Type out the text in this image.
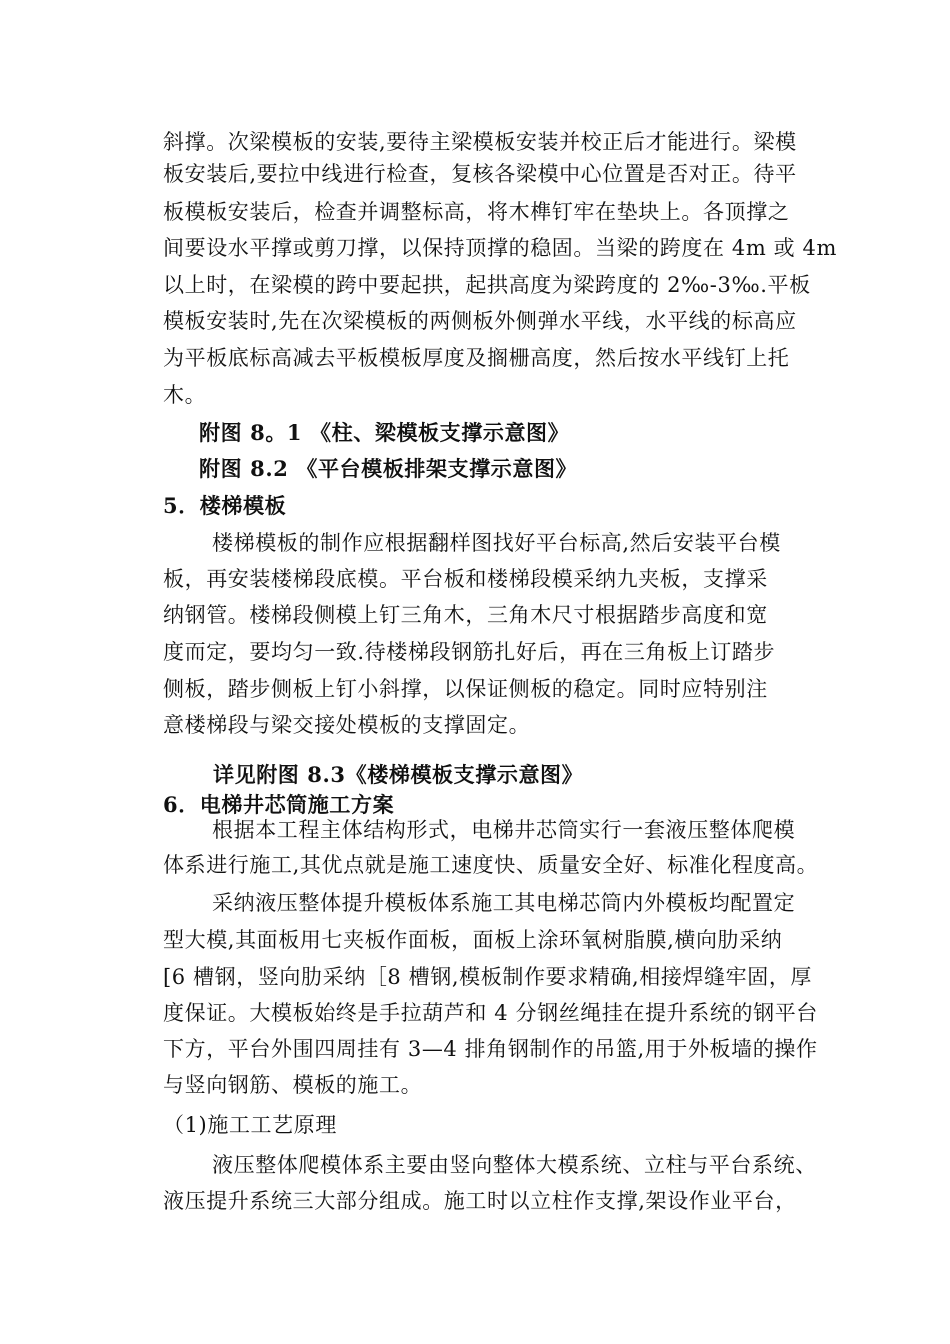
斜撑。次梁模板的安装,要待主梁模板安装并校正后才能进行。梁模
板安装后,要拉中线进行检查，复核各梁模中心位置是否对正。待平
板模板安装后，检查并调整标高，将木榫钉牢在垫块上。各顶撑之
间要设水平撑或剪刀撑，以保持顶撑的稳固。当梁的跨度在 4m 或 4m
以上时，在梁模的跨中要起拱，起拱高度为梁跨度的 2‰-3‰.平板
模板安装时,先在次梁模板的两侧板外侧弹水平线，水平线的标高应
为平板底标高减去平板模板厚度及搁栅高度，然后按水平线钉上托
木。
附图 8。1 《柱、梁模板支撑示意图》
附图 8.2 《平台模板排架支撑示意图》
5．楼梯模板
楼梯模板的制作应根据翻样图找好平台标高,然后安装平台模
板，再安装楼梯段底模。平台板和楼梯段模采纳九夹板，支撑采
纳钢管。楼梯段侧模上钉三角木，三角木尺寸根据踏步高度和宽
度而定，要均匀一致.待楼梯段钢筋扎好后，再在三角板上订踏步
侧板，踏步侧板上钉小斜撑，以保证侧板的稳定。同时应特别注
意楼梯段与梁交接处模板的支撑固定。
详见附图 8.3《楼梯模板支撑示意图》
6．电梯井芯筒施工方案
根据本工程主体结构形式，电梯井芯筒实行一套液压整体爬模
体系进行施工,其优点就是施工速度快、质量安全好、标准化程度高。
采纳液压整体提升模板体系施工其电梯芯筒内外模板均配置定
型大模,其面板用七夹板作面板，面板上涂环氧树脂膜,横向肋采纳
[6 槽钢，竖向肋采纳［8 槽钢,模板制作要求精确,相接焊缝牢固，厚
度保证。大模板始终是手拉葫芦和 4 分钢丝绳挂在提升系统的钢平台
下方，平台外围四周挂有 3—4 排角钢制作的吊篮,用于外板墙的操作
与竖向钢筋、模板的施工。
（1)施工工艺原理
液压整体爬模体系主要由竖向整体大模系统、立柱与平台系统、
液压提升系统三大部分组成。施工时以立柱作支撑,架设作业平台，
